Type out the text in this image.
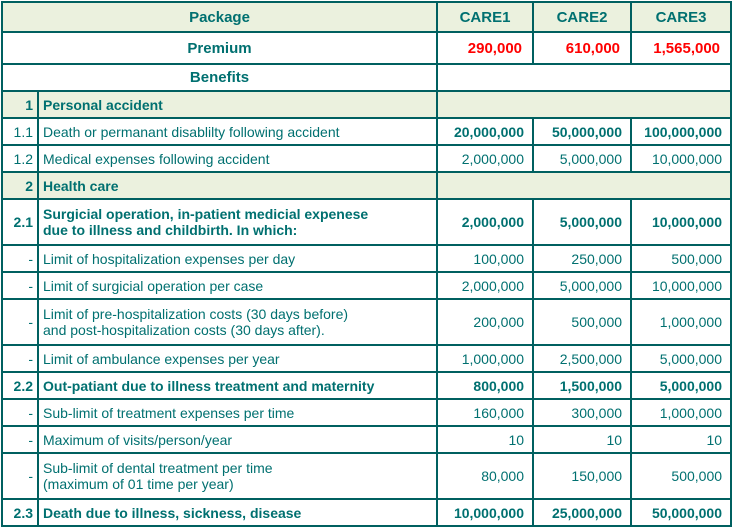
Package		CARE1	CARE2	CARE3
Premium		290,000	610,000	1,565,000
Benefits				
1	Personal accident			

1.1	Death or permanant disablilty following accident	20,000,000	50,000,000	100,000,000
1.2	Medical expenses following accident	2,000,000	5,000,000	10,000,000
2	Health care			

2.1	Surgicial operation, in-patient medicial expenese
due to illness and childbirth. In which:	2,000,000	5,000,000	10,000,000
-	Limit of hospitalization expenses per day	100,000	250,000	500,000
-	Limit of surgicial operation per case	2,000,000	5,000,000	10,000,000
-	Limit of pre-hospitalization costs (30 days before)
and post-hospitalization costs (30 days after).	200,000	500,000	1,000,000
-	Limit of ambulance expenses per year	1,000,000	2,500,000	5,000,000
2.2	Out-patiant due to illness treatment and maternity	800,000	1,500,000	5,000,000
-	Sub-limit of treatment expenses per time	160,000	300,000	1,000,000
-	Maximum of visits/person/year	10	10	10
-	Sub-limit of dental treatment per time
(maximum of 01 time per year)	80,000	150,000	500,000
2.3	Death due to illness, sickness, disease	10,000,000	25,000,000	50,000,000
